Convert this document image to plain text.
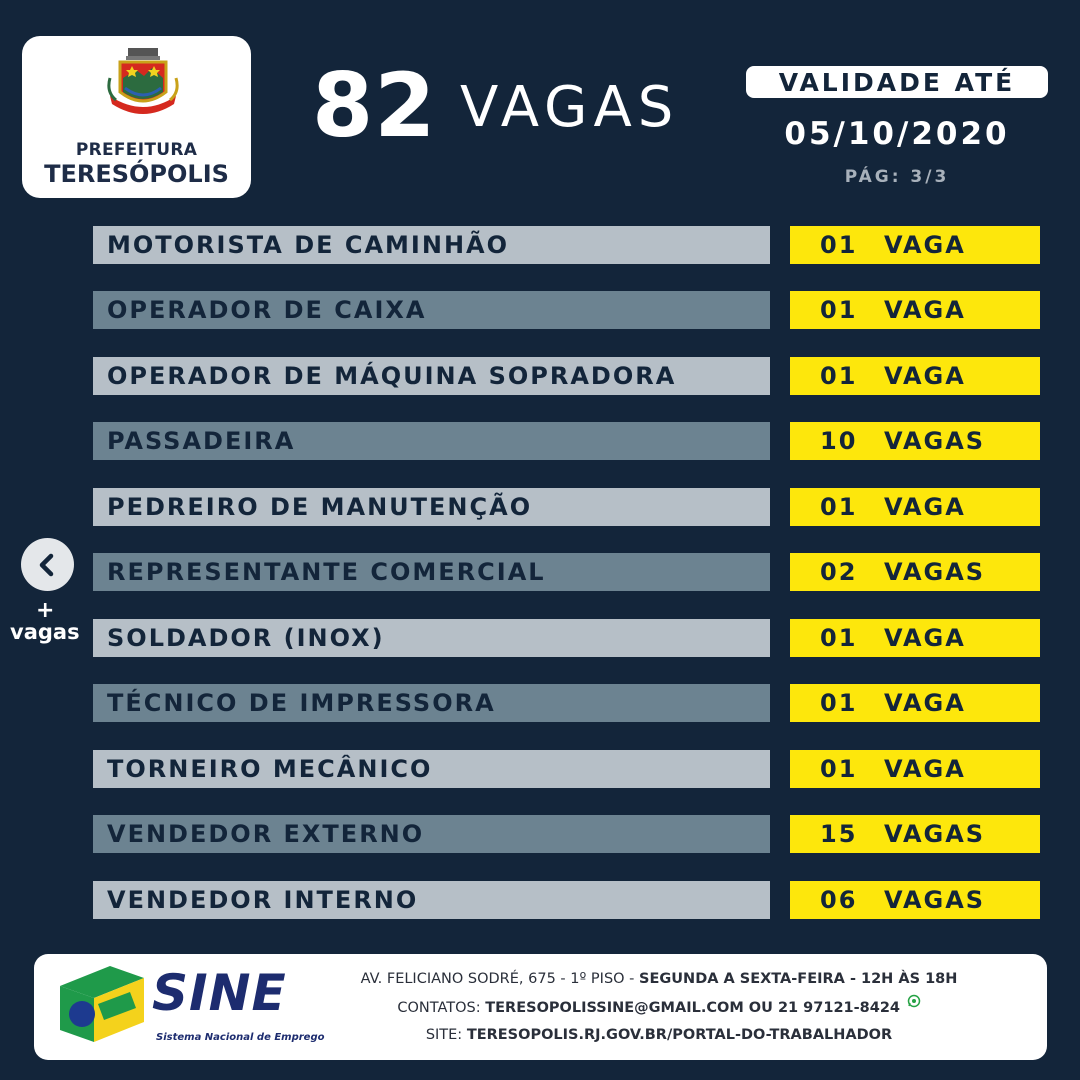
PREFEITURA
TERESÓPOLIS
82 VAGAS	VALIDADE ATÉ
05/10/2020
PÁG: 3/3
MOTORISTA DE CAMINHÃO	01 VAGA
OPERADOR DE CAIXA	01 VAGA
OPERADOR DE MÁQUINA SOPRADORA	01 VAGA
PASSADEIRA	10 VAGAS
PEDREIRO DE MANUTENÇÃO	01 VAGA
REPRESENTANTE COMERCIAL	02 VAGAS
SOLDADOR (INOX)	01 VAGA
TÉCNICO DE IMPRESSORA	01 VAGA
TORNEIRO MECÂNICO	01 VAGA
VENDEDOR EXTERNO	15 VAGAS
VENDEDOR INTERNO	06 VAGAS
+
vagas
SINE
Sistema Nacional de Emprego
AV. FELICIANO SODRÉ, 675 - 1º PISO - SEGUNDA A SEXTA-FEIRA - 12H ÀS 18H
CONTATOS: TERESOPOLISSINE@GMAIL.COM OU 21 97121-8424
SITE: TERESOPOLIS.RJ.GOV.BR/PORTAL-DO-TRABALHADOR
